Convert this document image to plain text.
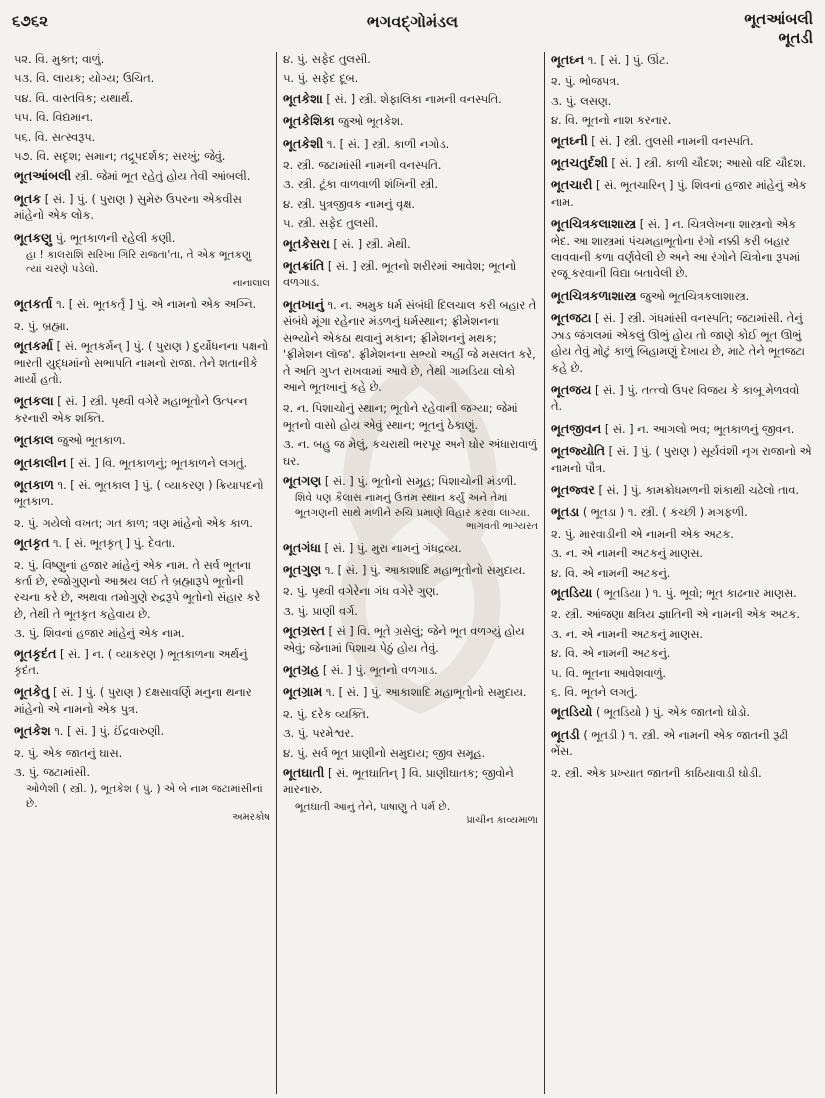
૬૭૬૨	ભગવદ્ગોમંડલ	ભૂતઆંબલી
ભૂતડી
૫૨. વિ. મુક્ત; વાળું.
૫૩. વિ. લાયક; યોગ્ય; ઉચિત.
૫૪. વિ. વાસ્તવિક; યથાર્થ.
૫૫. વિ. વિદ્યમાન.
૫૬. વિ. સત્સ્વરૂપ.
૫૭. વિ. સદૃશ; સમાન; તદ્રૂપદર્શક; સરખું; જેવું.
ભૂતઆંબલી સ્ત્રી. જેમાં ભૂત રહેતું હોય તેવી આંબલી.
ભૂતક [ સં. ] પું. ( પુરાણ ) સુમેરુ ઉપરના એકવીસ માંહેનો એક લોક.
ભૂતકણુ પું. ભૂતકાળની રહેલી કણી.
હા ! કાલરાશિ સરિખા ગિરિ રાજતા'તા, તે એક ભૂતકણુ ત્યાં ચરણે પડેલો.
નાનાલાલ
ભૂતકર્તા ૧. [ સં. ભૂતકર્તૃ ] પું. એ નામનો એક અગ્નિ.
૨. પું. બ્રહ્મા.
ભૂતકર્મા [ સં. ભૂતકર્મન્ ] પું. ( પુરાણ ) દુર્યોધનના પક્ષનો ભારતી યુદ્ધમાંનો સભાપતિ નામનો રાજા. તેને શતાનીકે માર્યો હતો.
ભૂતકલા [ સં. ] સ્ત્રી. પૃથ્વી વગેરે મહાભૂતોને ઉત્પન્ન કરનારી એક શક્તિ.
ભૂતકાલ જુઓ ભૂતકાળ.
ભૂતકાલીન [ સં. ] વિ. ભૂતકાળનું; ભૂતકાળને લગતું.
ભૂતકાળ ૧. [ સં. ભૂતકાલ ] પું. ( વ્યાકરણ ) ક્રિયાપદનો ભૂતકાળ.
૨. પું. ગયેલો વખત; ગત કાળ; ત્રણ માંહેનો એક કાળ.
ભૂતકૃત ૧. [ સં. ભૂતકૃત્ ] પું. દેવતા.
૨. પું. વિષ્ણુનાં હજાર માંહેનું એક નામ. તે સર્વ ભૂતના કર્તા છે, રજોગુણનો આશ્રય લઈ તે બ્રહ્મારૂપે ભૂતોની રચના કરે છે, અથવા તમોગુણે રુદ્રરૂપે ભૂતોનો સંહાર કરે છે, તેથી તે ભૂતકૃત કહેવાય છે.
૩. પું. શિવનાં હજાર માંહેનું એક નામ.
ભૂતકૃદંત [ સં. ] ન. ( વ્યાકરણ ) ભૂતકાળના અર્થનું કૃદંત.
ભૂતકેતુ [ સં. ] પું. ( પુરાણ ) દક્ષસાવર્ણિ મનુના થનાર માંહેનો એ નામનો એક પુત્ર.
ભૂતકેશ ૧. [ સં. ] પું. ઈંદ્રવારુણી.
૨. પું. એક જાતનું ઘાસ.
૩. પું. જટામાંસી.
ઓળેશી ( સ્ત્રી. ), ભૂતકેશ ( પું. ) એ બે નામ જટામાંસીનાં છે.
અમરકોષ
૪. પું. સફેદ તુલસી.
૫. પું. સફેદ દૂબ.
ભૂતકેશા [ સં. ] સ્ત્રી. શેફાલિકા નામની વનસ્પતિ.
ભૂતકેશિકા જુઓ ભૂતકેશ.
ભૂતકેશી ૧. [ સં. ] સ્ત્રી. કાળી નગોડ.
૨. સ્ત્રી. જટામાંસી નામની વનસ્પતિ.
૩. સ્ત્રી. ટૂંકા વાળવાળી શંખિની સ્ત્રી.
૪. સ્ત્રી. પુત્રજીવક નામનું વૃક્ષ.
૫. સ્ત્રી. સફેદ તુલસી.
ભૂતકેસરા [ સં. ] સ્ત્રી. મેથી.
ભૂતક્રાંતિ [ સં. ] સ્ત્રી. ભૂતનો શરીરમાં આવેશ; ભૂતનો વળગાડ.
ભૂતખાનું ૧. ન. અમુક ધર્મ સંબંધી દિલચાલ કરી બહાર તે સંબંધે મૂંગા રહેનાર મંડળનું ધર્મસ્થાન; ફ્રીમેશનના સભ્યોને એકઠા થવાનું મકાન; ફ્રીમેશનનું મથક; 'ફ્રીમેશન લૉજ'. ફ્રીમેશનના સભ્યો અહીં જે મસલત કરે, તે અતિ ગુપ્ત રાખવામાં આવે છે, તેથી ગામડિયા લોકો આને ભૂતખાનું કહે છે.
૨. ન. પિશાચોનું સ્થાન; ભૂતોને રહેવાની જગ્યા; જેમાં ભૂતનો વાસો હોય એવું સ્થાન; ભૂતનું ઠેકાણું.
૩. ન. બહુ જ મેલું, કચરાથી ભરપૂર અને ઘોર અંધારાવાળું ઘર.
ભૂતગણ [ સં. ] પું. ભૂતોનો સમૂહ; પિશાચોની મંડળી.
શિવે પણ કૈલાસ નામનું ઉત્તમ સ્થાન કર્યું અને તેમાં ભૂતગણની સાથે મળીને રુચિ પ્રમાણે વિહાર કરવા લાગ્યા.
ભાગવતી ભાગ્યરત
ભૂતગંધા [ સં. ] પું. મુરા નામનું ગંધદ્રવ્ય.
ભૂતગુણ ૧. [ સં. ] પું. આકાશાદિ મહાભૂતોનો સમુદાય.
૨. પું. પૃથ્વી વગેરેના ગંધ વગેરે ગુણ.
૩. પું. પ્રાણી વર્ગ.
ભૂતગ્રસ્ત [ સં ] વિ. ભૂતે ગ્રસેલું; જેને ભૂત વળગ્યું હોય એવું; જેનામાં પિશાચ પેઠું હોય તેવું.
ભૂતગ્રહ [ સં. ] પું. ભૂતનો વળગાડ.
ભૂતગ્રામ ૧. [ સં. ] પું. આકાશાદિ મહાભૂતોનો સમુદાય.
૨. પું. દરેક વ્યક્તિ.
૩. પું. પરમેશ્વર.
૪. પું. સર્વ ભૂત પ્રાણીનો સમુદાય; જીવ સમૂહ.
ભૂતઘાતી [ સં. ભૂતઘાતિન્ ] વિ. પ્રાણીઘાતક; જીવોને મારનારુ.
ભૂતઘાતી આનું તેને, પાષાણુ તે પર્મ છે.
પ્રાચીન કાવ્યમાળા
ભૂતઘ્ન ૧. [ સં. ] પું. ઊંટ.
૨. પું. ભોજપત્ર.
૩. પું. લસણ.
૪. વિ. ભૂતનો નાશ કરનાર.
ભૂતઘ્ની [ સં. ] સ્ત્રી. તુલસી નામની વનસ્પતિ.
ભૂતચતુર્દશી [ સં. ] સ્ત્રી. કાળી ચૌદશ; આસો વદિ ચૌદશ.
ભૂતચારી [ સં. ભૂતચારિન્ ] પું. શિવનાં હજાર માંહેનું એક નામ.
ભૂતચિત્રકલાશાસ્ત્ર [ સં. ] ન. ચિત્રલેખના શાસ્ત્રનો એક ભેદ. આ શાસ્ત્રમાં પંચમહાભૂતોના રંગો નક્કી કરી બહાર લાવવાની કળા વર્ણવેલી છે અને આ રંગોને ચિત્રોના રૂપમાં રજૂ કરવાની વિદ્યા બતાવેલી છે.
ભૂતચિત્રકળાશાસ્ત્ર જુઓ ભૂતચિત્રકલાશાસ્ત્ર.
ભૂતજટા [ સં. ] સ્ત્રી. ગંધમાંસી વનસ્પતિ; જટામાંસી. તેનું ઝાડ જંગલમાં એકલું ઊભું હોય તો જાણે કોઈ ભૂત ઊભું હોય તેવું મોટું કાળું બિહામણું દેખાય છે, માટે તેને ભૂતજટા કહે છે.
ભૂતજય [ સં. ] પું. તત્ત્વો ઉપર વિજય કે કાબૂ મેળવવો તે.
ભૂતજીવન [ સં. ] ન. આગલો ભવ; ભૂતકાળનું જીવન.
ભૂતજ્યોતિ [ સં. ] પું. ( પુરાણ ) સૂર્યવંશી નૃગ રાજાનો એ નામનો પૌત્ર.
ભૂતજ્વર [ સં. ] પું. કામક્રોધમળની શંકાથી ચઢેલો તાવ.
ભૂતડા ( ભૂતડા ) ૧. સ્ત્રી. ( કચ્છી ) મગફળી.
૨. પું. મારવાડીની એ નામની એક અટક.
૩. ન. એ નામની અટકનું માણસ.
૪. વિ. એ નામની અટકનું.
ભૂતડિયા ( ભૂતડિયા ) ૧. પું. ભૂવો; ભૂત કાઢનાર માણસ.
૨. સ્ત્રી. આંજણા ક્ષત્રિય જ્ઞાતિની એ નામની એક અટક.
૩. ન. એ નામની અટકનું માણસ.
૪. વિ. એ નામની અટકનું.
૫. વિ. ભૂતના આવેશવાળું.
૬. વિ. ભૂતને લગતું.
ભૂતડિયો ( ભૂતડિયો ) પું. એક જાતનો ઘોડો.
ભૂતડી ( ભૂતડી ) ૧. સ્ત્રી. એ નામની એક જાતની રૂઢી ભેંસ.
૨. સ્ત્રી. એક પ્રખ્યાત જાતની કાઠિયાવાડી ઘોડી.
